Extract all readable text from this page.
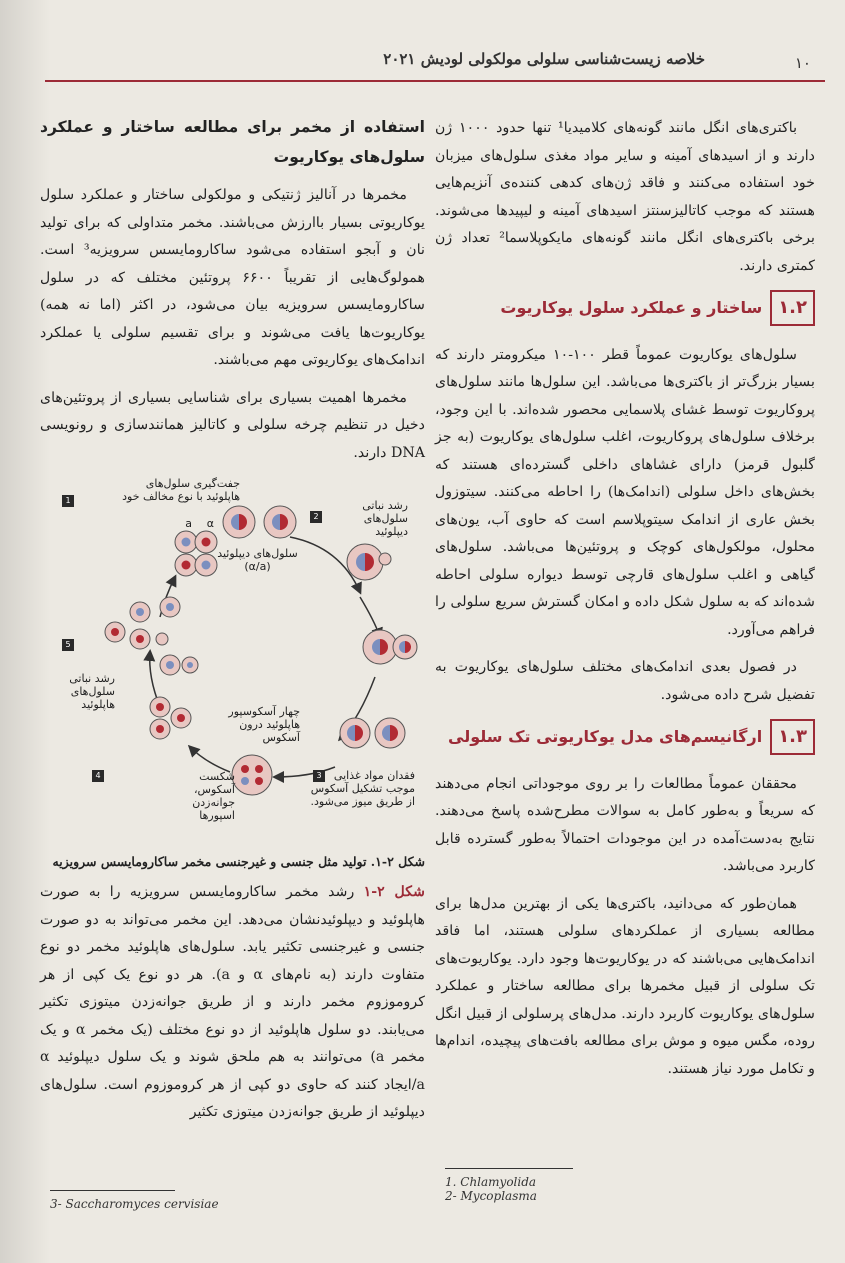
۱۰
خلاصه زیست‌شناسی سلولی مولکولی لودیش ۲۰۲۱

باکتری‌های انگل مانند گونه‌های کلامیدیا¹ تنها حدود ۱۰۰۰ ژن دارند و از اسیدهای آمینه و سایر مواد مغذی سلول‌های میزبان خود استفاده می‌کنند و فاقد ژن‌های کدهی کننده‌ی آنزیم‌هایی هستند که موجب کاتالیزسنتز اسیدهای آمینه و لیپیدها می‌شوند. برخی باکتری‌های انگل مانند گونه‌های مایکوپلاسما² تعداد ژن کمتری دارند.

۱.۲
ساختار و عملکرد سلول یوکاریوت

سلول‌های یوکاریوت عموماً قطر ۱۰۰-۱۰ میکرومتر دارند که بسیار بزرگ‌تر از باکتری‌ها می‌باشد. این سلول‌ها مانند سلول‌های پروکاریوت توسط غشای پلاسمایی محصور شده‌اند. با این وجود، برخلاف سلول‌های پروکاریوت، اغلب سلول‌های یوکاریوت (به جز گلبول قرمز) دارای غشاهای داخلی گسترده‌ای هستند که بخش‌های داخل سلولی (اندامک‌ها) را احاطه می‌کنند. سیتوزول بخش عاری از اندامک سیتوپلاسم است که حاوی آب، یون‌های محلول، مولکول‌های کوچک و پروتئین‌ها می‌باشد. سلول‌های گیاهی و اغلب سلول‌های قارچی توسط دیواره سلولی احاطه شده‌اند که به سلول شکل داده و امکان گسترش سریع سلولی را فراهم می‌آورد.

در فصول بعدی اندامک‌های مختلف سلول‌های یوکاریوت به تفضیل شرح داده می‌شود.

۱.۳
ارگانیسم‌های مدل یوکاریوتی تک سلولی

محققان عموماً مطالعات را بر روی موجوداتی انجام می‌دهند که سریعاً و به‌طور کامل به سوالات مطرح‌شده پاسخ می‌دهند. نتایج به‌دست‌آمده در این موجودات احتمالاً به‌طور گسترده قابل کاربرد می‌باشد.

همان‌طور که می‌دانید، باکتری‌ها یکی از بهترین مدل‌ها برای مطالعه بسیاری از عملکردهای سلولی هستند، اما فاقد اندامک‌هایی می‌باشند که در یوکاریوت‌ها وجود دارد. یوکاریوت‌های تک سلولی از قبیل مخمرها برای مطالعه ساختار و عملکرد سلول‌های یوکاریوت کاربرد دارند. مدل‌های پرسلولی از قبیل انگل روده، مگس میوه و موش برای مطالعه بافت‌های پیچیده، اندام‌ها و تکامل مورد نیاز هستند.

1. Chlamyolida
2- Mycoplasma
استفاده از مخمر برای مطالعه ساختار و عملکرد سلول‌های یوکاریوت

مخمرها در آنالیز ژنتیکی و مولکولی ساختار و عملکرد سلول یوکاریوتی بسیار باارزش می‌باشند. مخمر متداولی که برای تولید نان و آبجو استفاده می‌شود ساکارومایسس سرویزیه³ است. همولوگ‌هایی از تقریباً ۶۶۰۰ پروتئین مختلف که در سلول ساکارومایسس سرویزیه بیان می‌شود، در اکثر (اما نه همه) یوکاریوت‌ها یافت می‌شوند و برای تقسیم سلولی یا عملکرد اندامک‌های یوکاریوتی مهم می‌باشند.

مخمرها اهمیت بسیاری برای شناسایی بسیاری از پروتئین‌های دخیل در تنظیم چرخه سلولی و کاتالیز همانندسازی و رونویسی DNA دارند.

جفت‌گیری سلول‌های هاپلوئید با نوع مخالف خود
1
a	α
رشد نباتی سلول‌های دیپلوئید
2
سلول‌های دیپلوئید (α/a)
فقدان مواد غذایی موجب تشکیل آسکوس از طریق میوز می‌شود.
3
چهار آسکوسپور هاپلوئید درون آسکوس
شکست آسکوس، جوانه‌زدن اسپورها
4
رشد نباتی سلول‌های هاپلوئید
5
شکل ۲-۱. تولید مثل جنسی و غیرجنسی مخمر ساکارومایسس سرویزیه

شکل ۲-۱ رشد مخمر ساکارومایسس سرویزیه را به صورت هاپلوئید و دیپلوئیدنشان می‌دهد. این مخمر می‌تواند به دو صورت جنسی و غیرجنسی تکثیر یابد. سلول‌های هاپلوئید مخمر دو نوع متفاوت دارند (به نام‌های α و a). هر دو نوع یک کپی از هر کروموزوم مخمر دارند و از طریق جوانه‌زدن میتوزی تکثیر می‌یابند. دو سلول هاپلوئید از دو نوع مختلف (یک مخمر α و یک مخمر a) می‌توانند به هم ملحق شوند و یک سلول دیپلوئید α /aایجاد کنند که حاوی دو کپی از هر کروموزوم است. سلول‌های دیپلوئید از طریق جوانه‌زدن میتوزی تکثیر

3- Saccharomyces cervisiae
